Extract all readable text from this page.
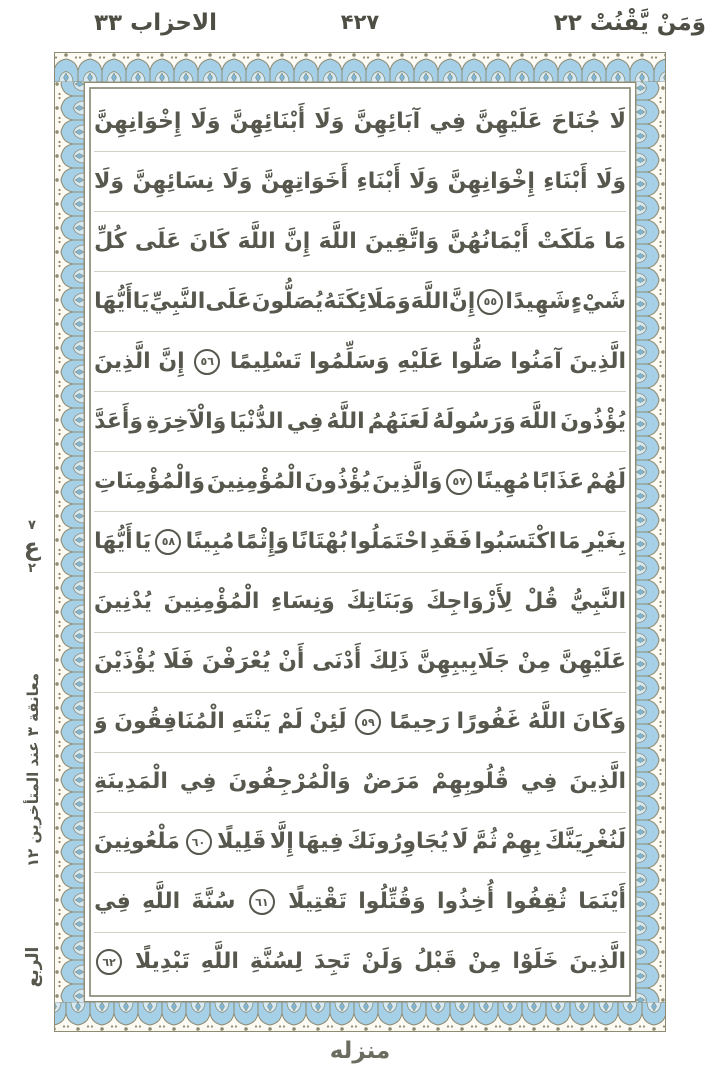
وَمَنْ يَّقْنُتْ ۲۲
۴۲۷
الاحزاب ۳۳
لَا
جُنَاحَ
عَلَيْهِنَّ
فِي
آبَائِهِنَّ
وَلَا
أَبْنَائِهِنَّ
وَلَا
إِخْوَانِهِنَّ
وَلَا
أَبْنَاءِ
إِخْوَانِهِنَّ
وَلَا
أَبْنَاءِ
أَخَوَاتِهِنَّ
وَلَا
نِسَائِهِنَّ
وَلَا
مَا
مَلَكَتْ
أَيْمَانُهُنَّ
وَاتَّقِينَ
اللَّهَ
إِنَّ
اللَّهَ
كَانَ
عَلَى
كُلِّ
شَيْءٍ
شَهِيدًا
٥٥
إِنَّ
اللَّهَ
وَمَلَائِكَتَهُ
يُصَلُّونَ
عَلَى
النَّبِيِّ
يَا
أَيُّهَا
الَّذِينَ
آمَنُوا
صَلُّوا
عَلَيْهِ
وَسَلِّمُوا
تَسْلِيمًا
٥٦
إِنَّ
الَّذِينَ
يُؤْذُونَ
اللَّهَ
وَرَسُولَهُ
لَعَنَهُمُ
اللَّهُ
فِي
الدُّنْيَا
وَالْآخِرَةِ
وَأَعَدَّ
لَهُمْ
عَذَابًا
مُهِينًا
٥٧
وَالَّذِينَ
يُؤْذُونَ
الْمُؤْمِنِينَ
وَالْمُؤْمِنَاتِ
بِغَيْرِ
مَا
اكْتَسَبُوا
فَقَدِ
احْتَمَلُوا
بُهْتَانًا
وَإِثْمًا
مُبِينًا
٥٨
يَا
أَيُّهَا
النَّبِيُّ
قُلْ
لِأَزْوَاجِكَ
وَبَنَاتِكَ
وَنِسَاءِ
الْمُؤْمِنِينَ
يُدْنِينَ
عَلَيْهِنَّ
مِنْ
جَلَابِيبِهِنَّ
ذَلِكَ
أَدْنَى
أَنْ
يُعْرَفْنَ
فَلَا
يُؤْذَيْنَ
وَكَانَ
اللَّهُ
غَفُورًا
رَحِيمًا
٥٩
لَئِنْ
لَمْ
يَنْتَهِ
الْمُنَافِقُونَ
وَ
الَّذِينَ
فِي
قُلُوبِهِمْ
مَرَضٌ
وَالْمُرْجِفُونَ
فِي
الْمَدِينَةِ
لَنُغْرِيَنَّكَ
بِهِمْ
ثُمَّ
لَا
يُجَاوِرُونَكَ
فِيهَا
إِلَّا
قَلِيلًا
٦٠
مَلْعُونِينَ
أَيْنَمَا
ثُقِفُوا
أُخِذُوا
وَقُتِّلُوا
تَقْتِيلًا
٦١
سُنَّةَ
اللَّهِ
فِي
الَّذِينَ
خَلَوْا
مِنْ
قَبْلُ
وَلَنْ
تَجِدَ
لِسُنَّةِ
اللَّهِ
تَبْدِيلًا
٦٢
۷
ع
۲
معانقة ۳ عند المتأخرين ۱۲
الربع
منزله
